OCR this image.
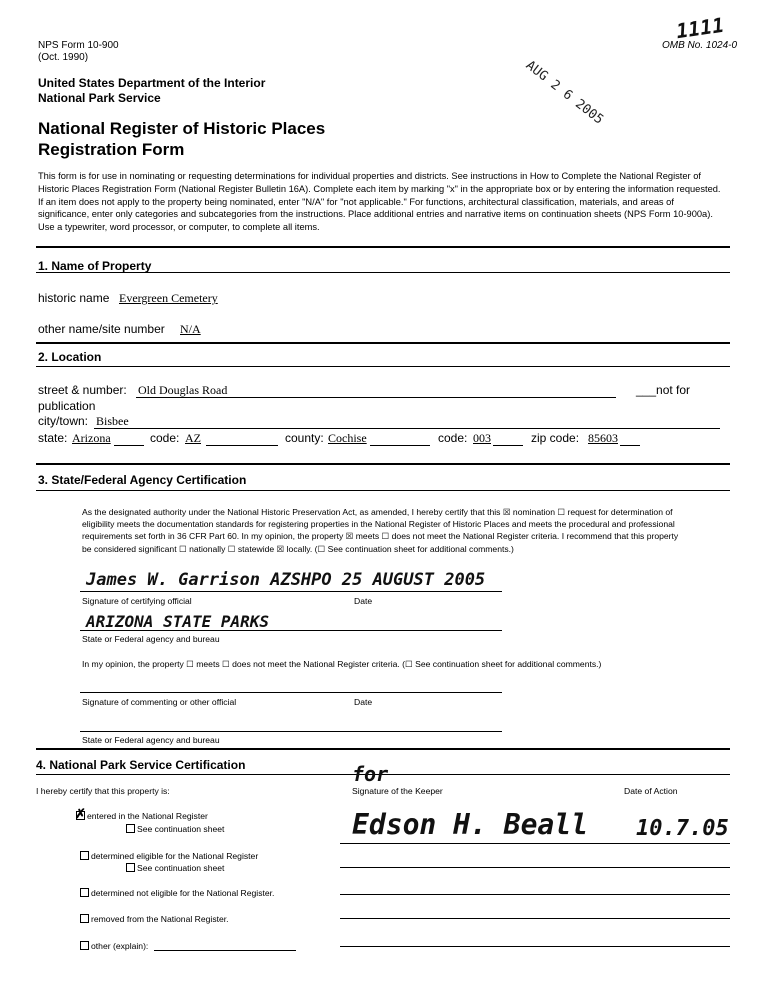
NPS Form 10-900
(Oct. 1990)
OMB No. 1024-0
1111
AUG 2 6 2005
United States Department of the Interior
National Park Service
National Register of Historic Places
Registration Form
This form is for use in nominating or requesting determinations for individual properties and districts. See instructions in How to Complete the National Register of Historic Places Registration Form (National Register Bulletin 16A). Complete each item by marking "x" in the appropriate box or by entering the information requested. If an item does not apply to the property being nominated, enter "N/A" for "not applicable." For functions, architectural classification, materials, and areas of significance, enter only categories and subcategories from the instructions. Place additional entries and narrative items on continuation sheets (NPS Form 10-900a). Use a typewriter, word processor, or computer, to complete all items.
1. Name of Property
historic name Evergreen Cemetery
other name/site number N/A
2. Location
street & number: Old Douglas Road	___not for
publication
city/town: Bisbee
state: Arizona	code: AZ	county: Cochise	code: 003	zip code: 85603
3. State/Federal Agency Certification
As the designated authority under the National Historic Preservation Act, as amended, I hereby certify that this ☒ nomination ☐ request for determination of eligibility meets the documentation standards for registering properties in the National Register of Historic Places and meets the procedural and professional requirements set forth in 36 CFR Part 60. In my opinion, the property ☒ meets ☐ does not meet the National Register criteria. I recommend that this property be considered significant ☐ nationally ☐ statewide ☒ locally. (☐ See continuation sheet for additional comments.)
James W. Garrison AZSHPO 25 AUGUST 2005
Signature of certifying official	Date
ARIZONA STATE PARKS
State or Federal agency and bureau
In my opinion, the property ☐ meets ☐ does not meet the National Register criteria. (☐ See continuation sheet for additional comments.)
Signature of commenting or other official	Date
State or Federal agency and bureau
4. National Park Service Certification
I hereby certify that this property is:
for
Signature of the Keeper	Date of Action
Edson H. Beall 10.7.05
✗ entered in the National Register
See continuation sheet
determined eligible for the National Register
See continuation sheet
determined not eligible for the National Register.
removed from the National Register.
other (explain):
